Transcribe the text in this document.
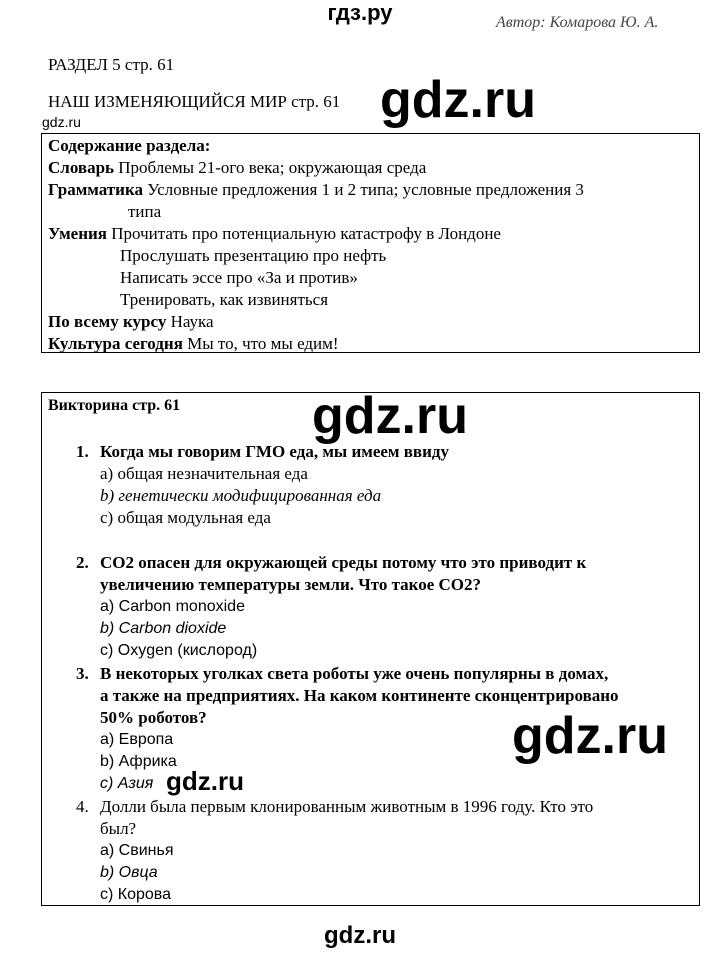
гдз.ру	Автор: Комарова Ю. А.
РАЗДЕЛ 5 стр. 61
НАШ ИЗМЕНЯЮЩИЙСЯ МИР стр. 61 gdz.ru
gdz.ru
Содержание раздела:
Словарь Проблемы 21-ого века; окружающая среда
Грамматика Условные предложения 1 и 2 типа; условные предложения 3
типа
Умения Прочитать про потенциальную катастрофу в Лондоне
Прослушать презентацию про нефть
Написать эссе про «За и против»
Тренировать, как извиняться
По всему курсу Наука
Культура сегодня Мы то, что мы едим!
Викторина стр. 61	gdz.ru
1. Когда мы говорим ГМО еда, мы имеем ввиду
a) общая незначительная еда
b) генетически модифицированная еда
c) общая модульная еда
2. CO2 опасен для окружающей среды потому что это приводит к
увеличению температуры земли. Что такое CO2?
a) Carbon monoxide
b) Carbon dioxide
c) Oxygen (кислород)
3. В некоторых уголках света роботы уже очень популярны в домах,
а также на предприятиях. На каком континенте сконцентрировано
50% роботов?
a) Европа
b) Африка
c) Азия
gdz.ru
gdz.ru
4. Долли была первым клонированным животным в 1996 году. Кто это
был?
a) Свинья
b) Овца
c) Корова
gdz.ru
